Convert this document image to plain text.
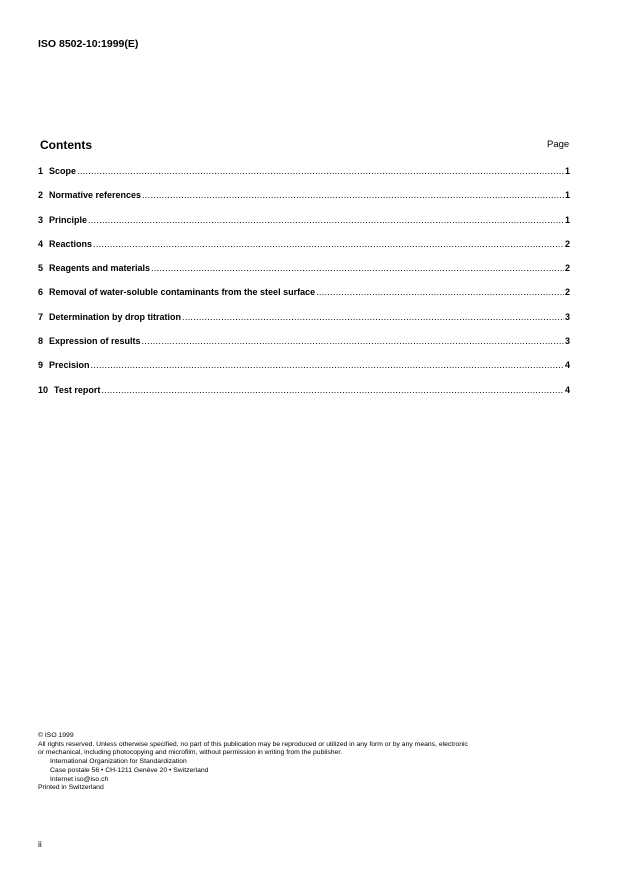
ISO 8502-10:1999(E)
Contents	Page
1 Scope .....	1
2 Normative references .....	1
3 Principle .....	1
4 Reactions .....	2
5 Reagents and materials .....	2
6 Removal of water-soluble contaminants from the steel surface .....	2
7 Determination by drop titration .....	3
8 Expression of results .....	3
9 Precision .....	4
10 Test report .....	4
© ISO 1999
All rights reserved. Unless otherwise specified, no part of this publication may be reproduced or utilized in any form or by any means, electronic
or mechanical, including photocopying and microfilm, without permission in writing from the publisher.
International Organization for Standardization
Case postale 56 • CH-1211 Genève 20 • Switzerland
Internet iso@iso.ch
Printed in Switzerland
ii
